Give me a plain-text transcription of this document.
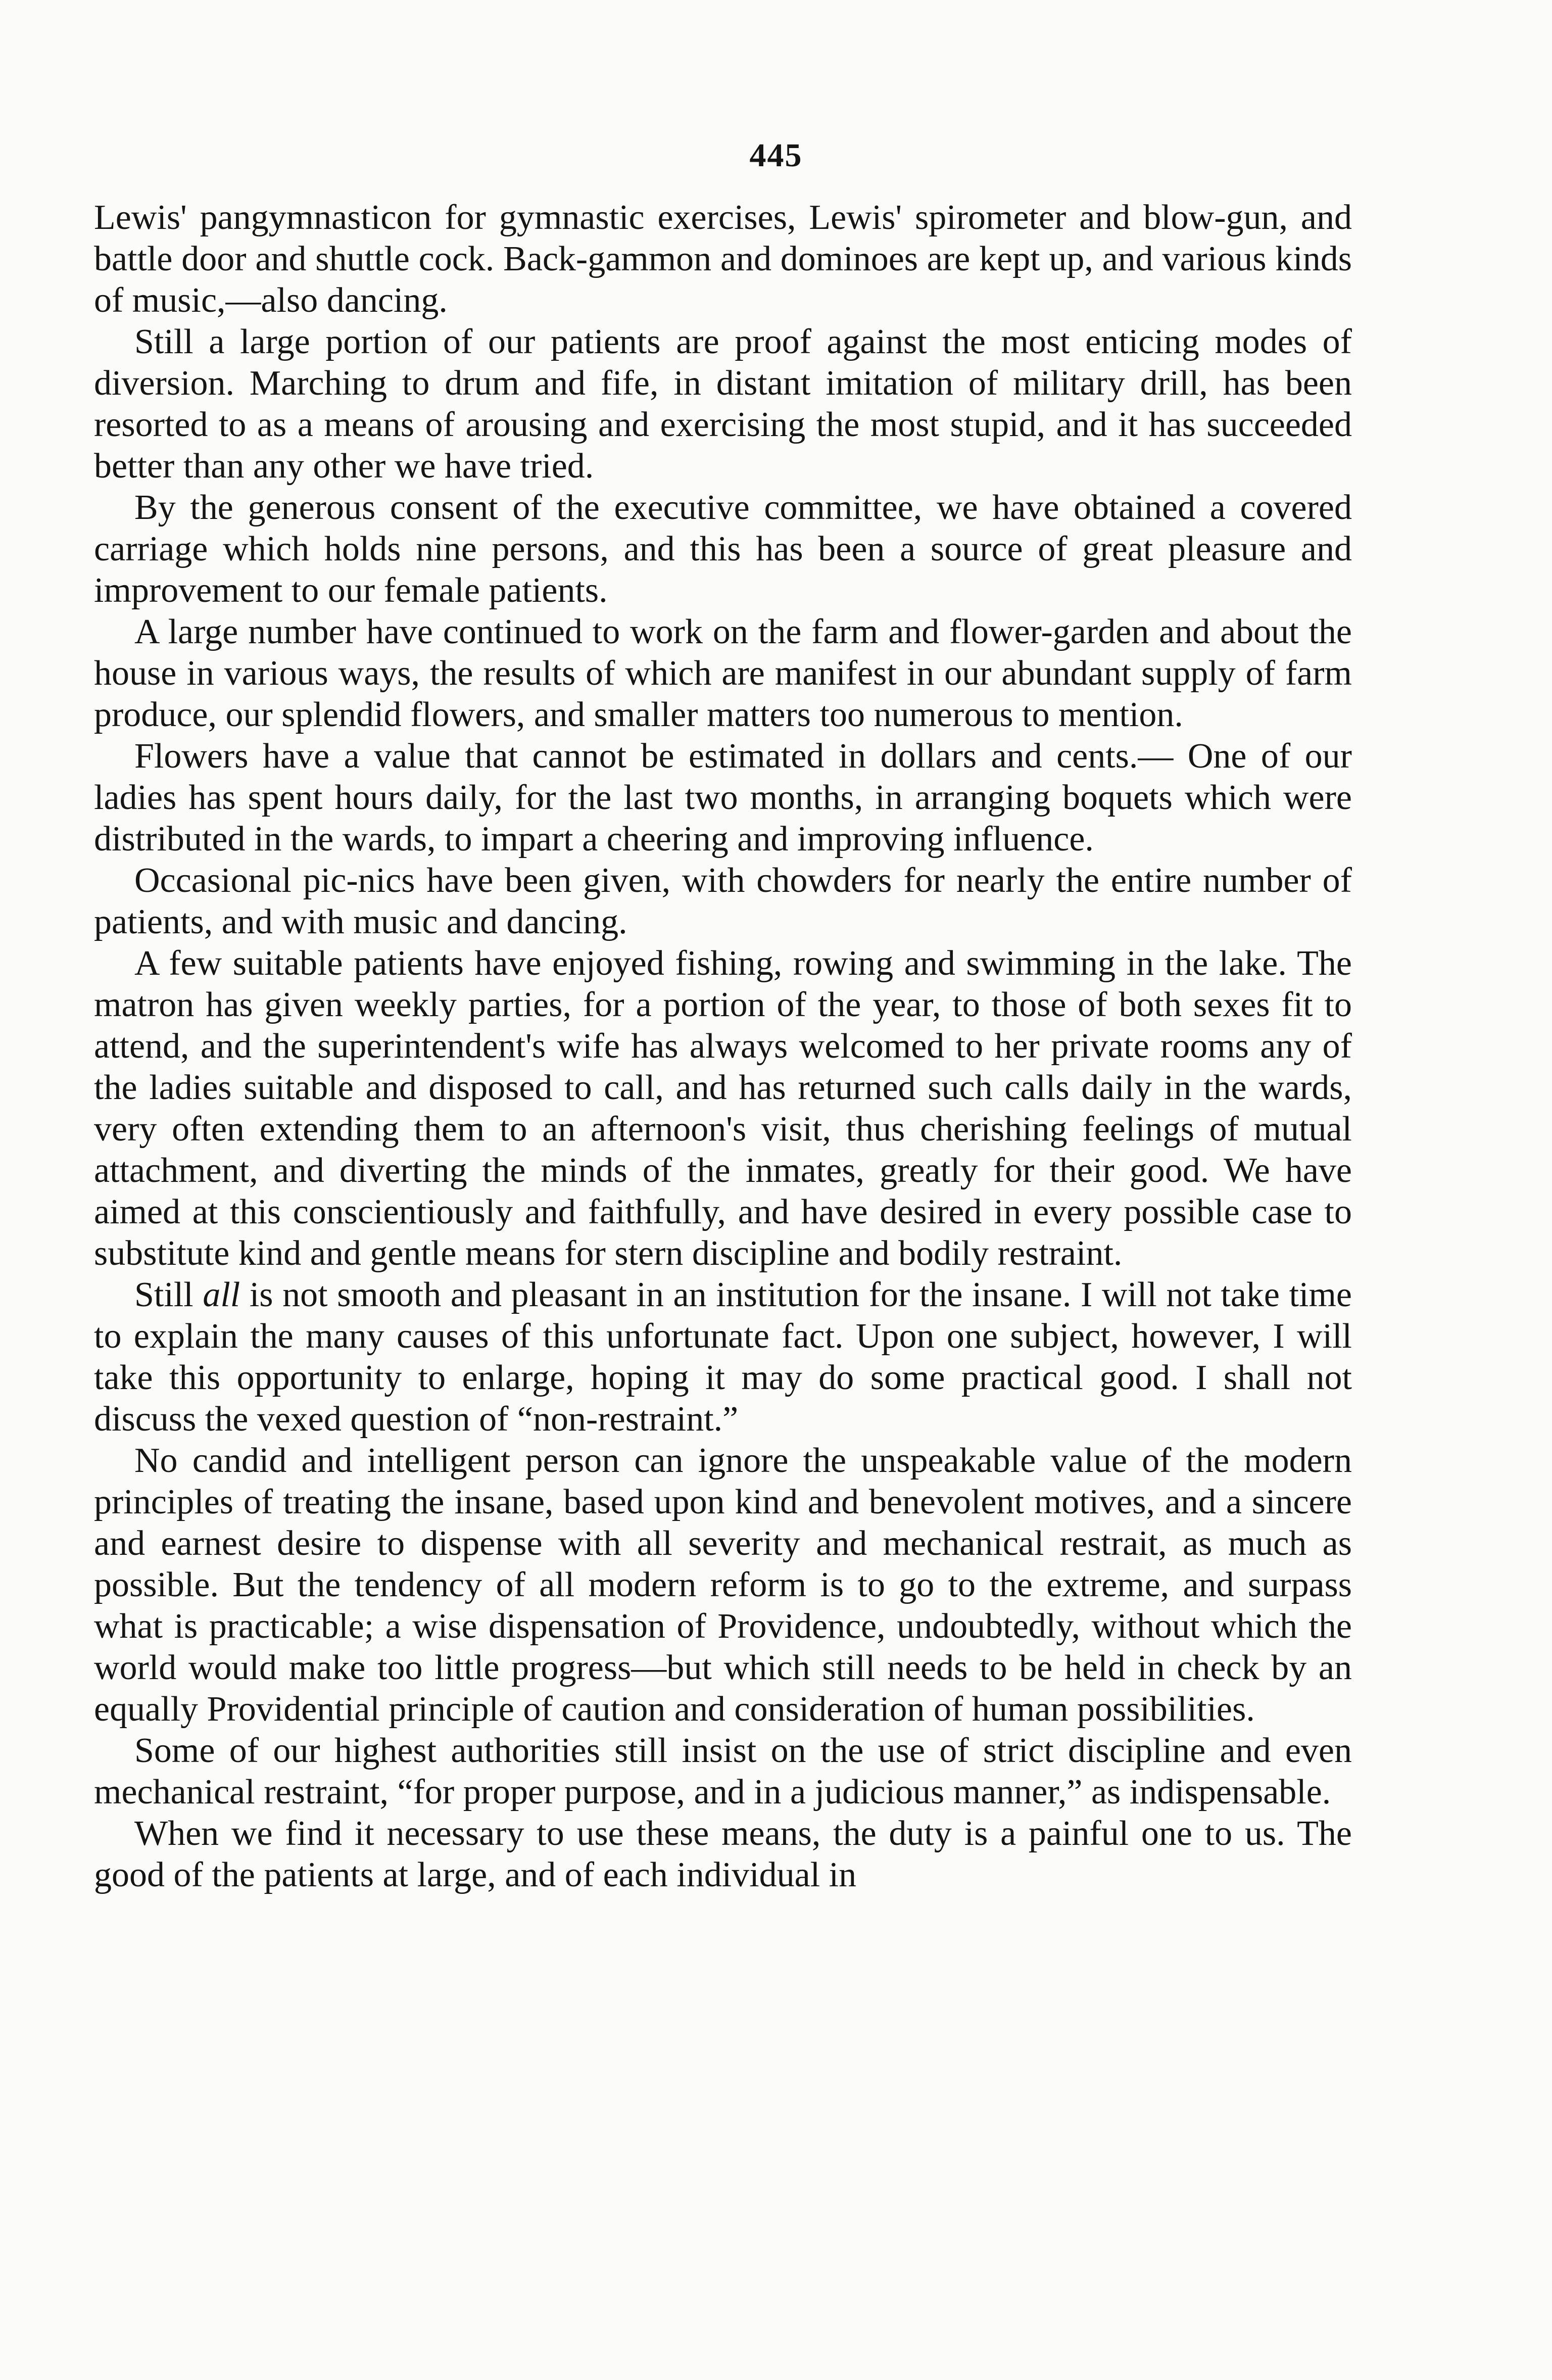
445

Lewis' pangymnasticon for gymnastic exercises, Lewis' spirometer and blow-gun, and battle door and shuttle cock. Back-gammon and dominoes are kept up, and various kinds of music,—also dancing.

Still a large portion of our patients are proof against the most enticing modes of diversion. Marching to drum and fife, in distant imitation of military drill, has been resorted to as a means of arousing and exercising the most stupid, and it has succeeded better than any other we have tried.

By the generous consent of the executive committee, we have obtained a covered carriage which holds nine persons, and this has been a source of great pleasure and improvement to our female patients.

A large number have continued to work on the farm and flower-garden and about the house in various ways, the results of which are manifest in our abundant supply of farm produce, our splendid flowers, and smaller matters too numerous to mention.

Flowers have a value that cannot be estimated in dollars and cents.— One of our ladies has spent hours daily, for the last two months, in arranging boquets which were distributed in the wards, to impart a cheering and improving influence.

Occasional pic-nics have been given, with chowders for nearly the entire number of patients, and with music and dancing.

A few suitable patients have enjoyed fishing, rowing and swimming in the lake. The matron has given weekly parties, for a portion of the year, to those of both sexes fit to attend, and the superintendent's wife has always welcomed to her private rooms any of the ladies suitable and disposed to call, and has returned such calls daily in the wards, very often extending them to an afternoon's visit, thus cherishing feelings of mutual attachment, and diverting the minds of the inmates, greatly for their good. We have aimed at this conscientiously and faithfully, and have desired in every possible case to substitute kind and gentle means for stern discipline and bodily restraint.

Still all is not smooth and pleasant in an institution for the insane. I will not take time to explain the many causes of this unfortunate fact. Upon one subject, however, I will take this opportunity to enlarge, hoping it may do some practical good. I shall not discuss the vexed question of “non-restraint.”

No candid and intelligent person can ignore the unspeakable value of the modern principles of treating the insane, based upon kind and benevolent motives, and a sincere and earnest desire to dispense with all severity and mechanical restrait, as much as possible. But the tendency of all modern reform is to go to the extreme, and surpass what is practicable; a wise dispensation of Providence, undoubtedly, without which the world would make too little progress—but which still needs to be held in check by an equally Providential principle of caution and consideration of human possibilities.

Some of our highest authorities still insist on the use of strict discipline and even mechanical restraint, “for proper purpose, and in a judicious manner,” as indispensable.

When we find it necessary to use these means, the duty is a painful one to us. The good of the patients at large, and of each individual in
